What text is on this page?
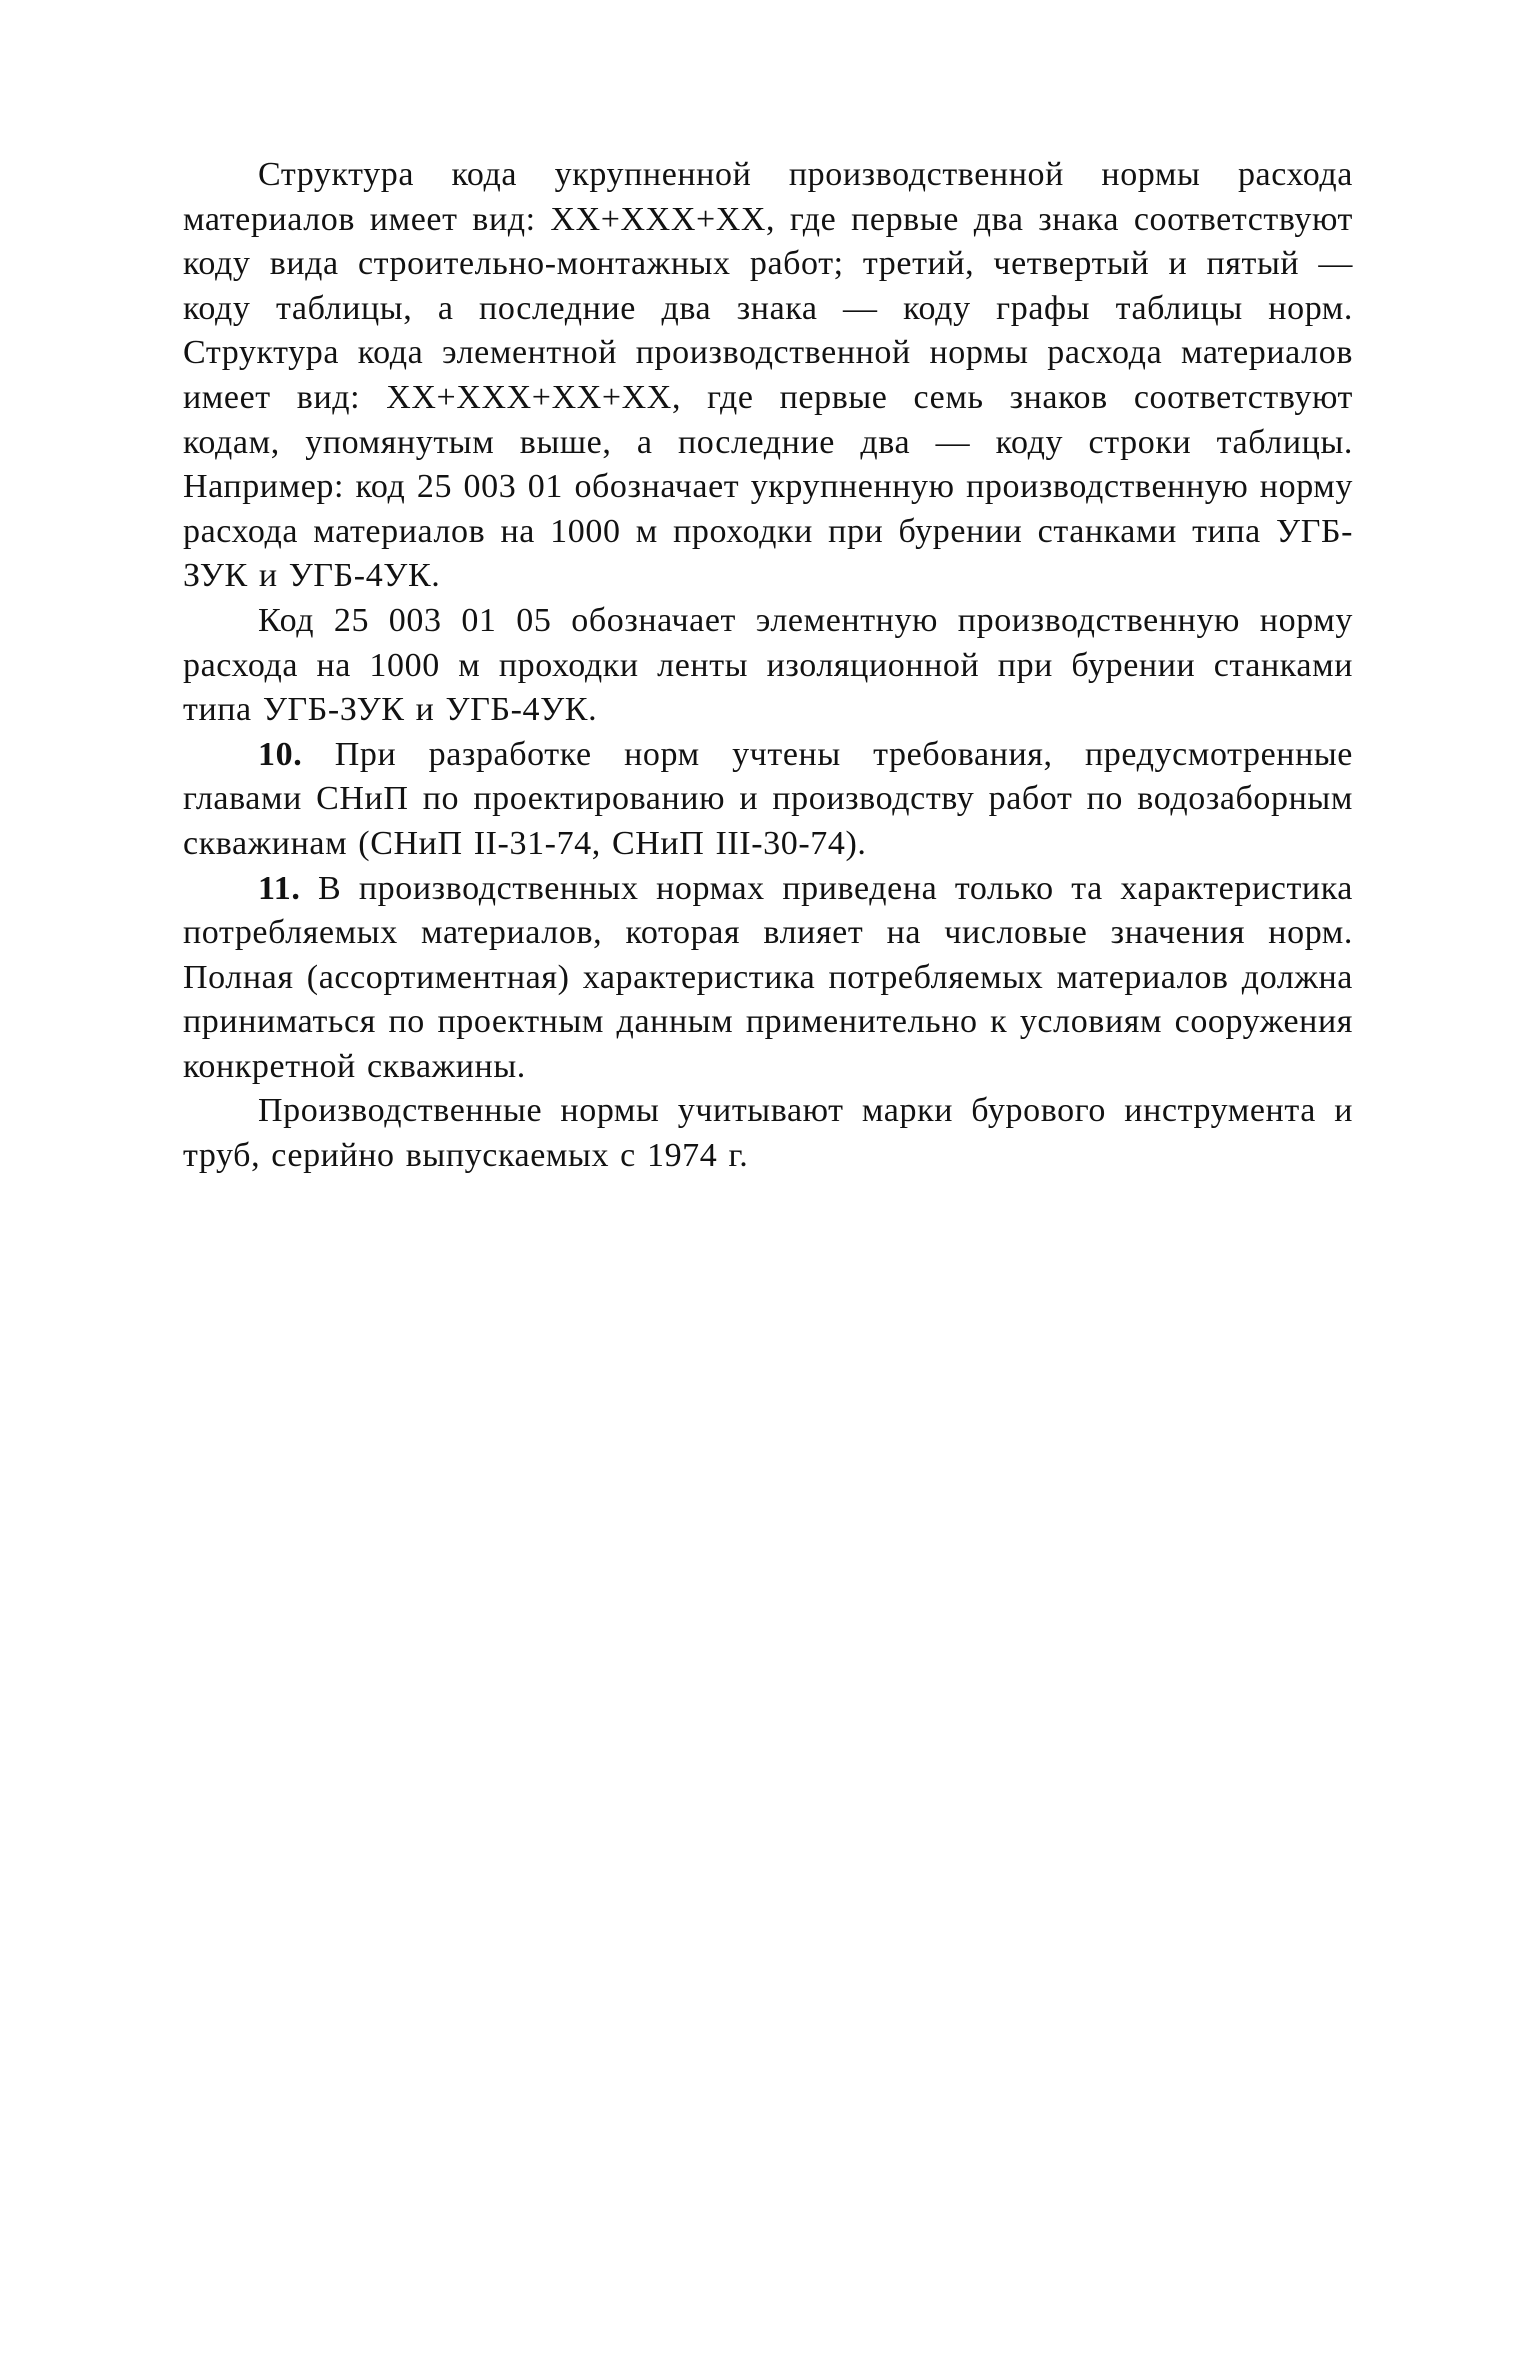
Структура кода укрупненной производственной нормы расхода материалов имеет вид: XX+XXX+XX, где первые два знака соответствуют коду вида строительно-монтажных работ; третий, четвертый и пятый — коду таблицы, а последние два знака — коду графы таблицы норм. Структура кода элементной производственной нормы расхода материалов имеет вид: XX+XXX+XX+XX, где первые семь знаков соответствуют кодам, упомянутым выше, а последние два — коду строки таблицы. Например: код 25 003 01 обозначает укрупненную производственную норму расхода материалов на 1000 м проходки при бурении станками типа УГБ-ЗУК и УГБ-4УК.

Код 25 003 01 05 обозначает элементную производственную норму расхода на 1000 м проходки ленты изоляционной при бурении станками типа УГБ-ЗУК и УГБ-4УК.

10. При разработке норм учтены требования, предусмотренные главами СНиП по проектированию и производству работ по водозаборным скважинам (СНиП II-31-74, СНиП III-30-74).

11. В производственных нормах приведена только та характеристика потребляемых материалов, которая влияет на числовые значения норм. Полная (ассортиментная) характеристика потребляемых материалов должна приниматься по проектным данным применительно к условиям сооружения конкретной скважины.

Производственные нормы учитывают марки бурового инструмента и труб, серийно выпускаемых с 1974 г.
